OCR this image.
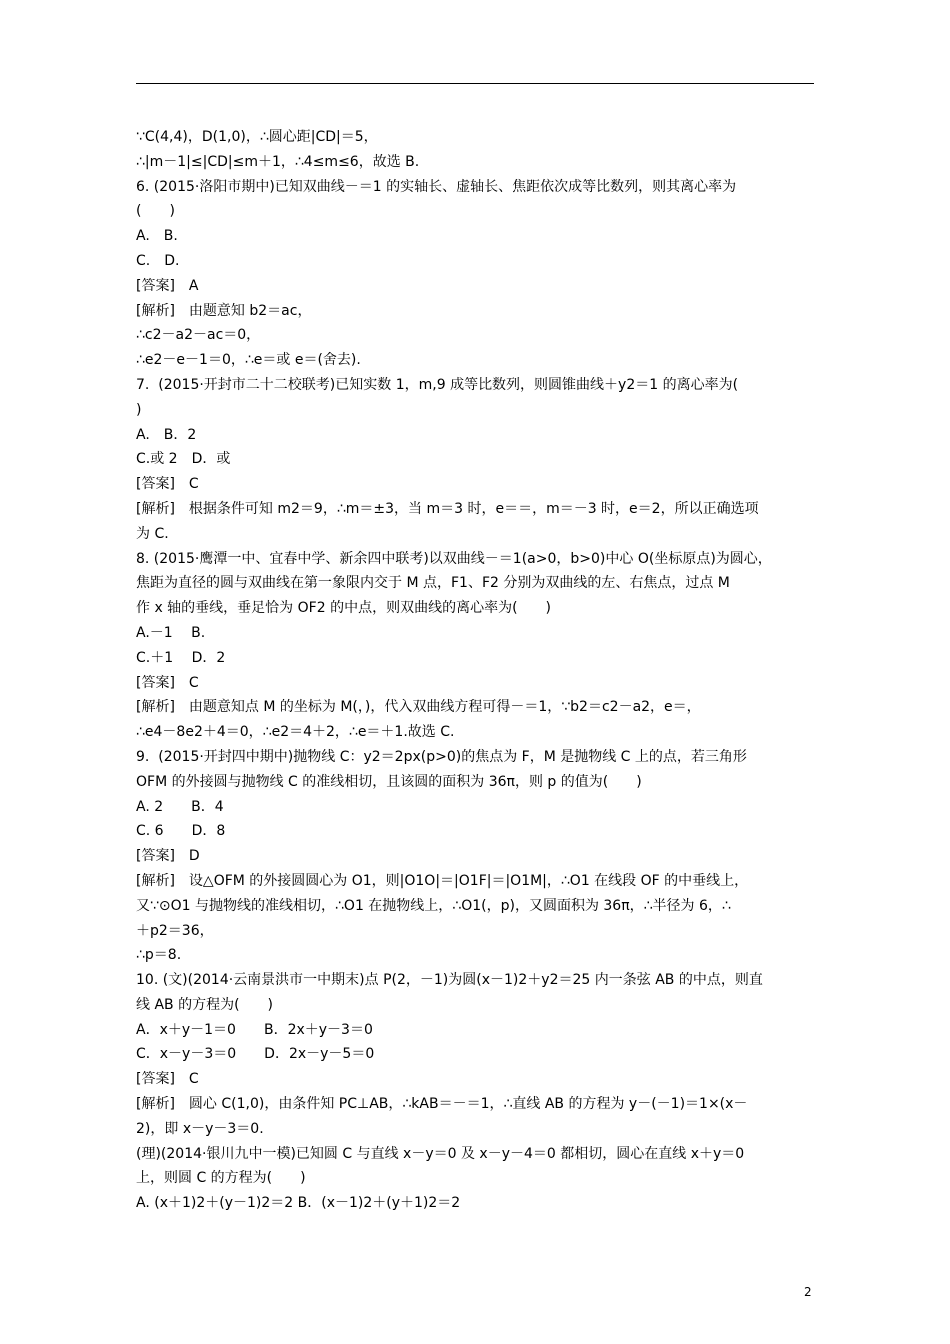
∵C(4,4)，D(1,0)，∴圆心距|CD|＝5，
∴|m－1|≤|CD|≤m＋1，∴4≤m≤6，故选 B.
6. (2015·洛阳市期中)已知双曲线－＝1 的实轴长、虚轴长、焦距依次成等比数列，则其离心率为
(　　)
A.　B.
C.　D.
[答案]　A
[解析]　由题意知 b2＝ac，
∴c2－a2－ac＝0，
∴e2－e－1＝0，∴e＝或 e＝(舍去).
7.  (2015·开封市二十二校联考)已知实数 1，m,9 成等比数列，则圆锥曲线＋y2＝1 的离心率为(
)
A.　B．2
C.或 2　D．或
[答案]　C
[解析]　根据条件可知 m2＝9，∴m＝±3，当 m＝3 时，e＝＝，m＝－3 时，e＝2，所以正确选项
为 C.
8. (2015·鹰潭一中、宜春中学、新余四中联考)以双曲线－＝1(a>0，b>0)中心 O(坐标原点)为圆心，
焦距为直径的圆与双曲线在第一象限内交于 M 点，F1、F2 分别为双曲线的左、右焦点，过点 M
作 x 轴的垂线，垂足恰为 OF2 的中点，则双曲线的离心率为(　　)
A.－1　 B.
C.＋1　 D．2
[答案]　C
[解析]　由题意知点 M 的坐标为 M(，)，代入双曲线方程可得－＝1，∵b2＝c2－a2，e＝，
∴e4－8e2＋4＝0，∴e2＝4＋2，∴e＝＋1.故选 C.
9.  (2015·开封四中期中)抛物线 C：y2＝2px(p>0)的焦点为 F，M 是抛物线 C 上的点，若三角形
OFM 的外接圆与抛物线 C 的准线相切，且该圆的面积为 36π，则 p 的值为(　　)
A. 2　　B．4
C. 6　　D．8
[答案]　D
[解析]　设△OFM 的外接圆圆心为 O1，则|O1O|＝|O1F|＝|O1M|，∴O1 在线段 OF 的中垂线上，
又∵⊙O1 与抛物线的准线相切，∴O1 在抛物线上，∴O1(，p)，又圆面积为 36π，∴半径为 6，∴
＋p2＝36，
∴p＝8.
10. (文)(2014·云南景洪市一中期末)点 P(2，－1)为圆(x－1)2＋y2＝25 内一条弦 AB 的中点，则直
线 AB 的方程为(　　)
A．x＋y－1＝0　　B．2x＋y－3＝0
C．x－y－3＝0　　D．2x－y－5＝0
[答案]　C
[解析]　圆心 C(1,0)，由条件知 PC⊥AB，∴kAB＝－＝1，∴直线 AB 的方程为 y－(－1)＝1×(x－
2)，即 x－y－3＝0.
(理)(2014·银川九中一模)已知圆 C 与直线 x－y＝0 及 x－y－4＝0 都相切，圆心在直线 x＋y＝0
上，则圆 C 的方程为(　　)
A. (x＋1)2＋(y－1)2＝2 B．(x－1)2＋(y＋1)2＝2
2
